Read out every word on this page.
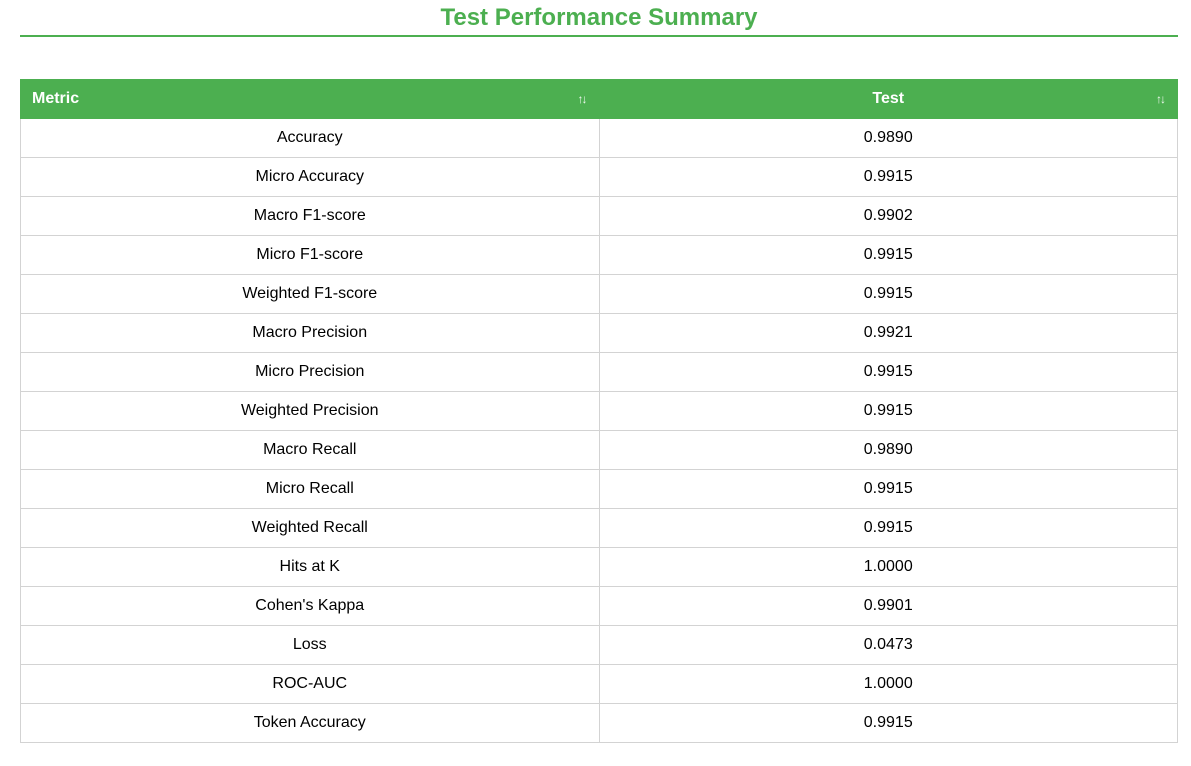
Test Performance Summary
Metric ↑↓	Test ↑↓

Accuracy	0.9890
Micro Accuracy	0.9915
Macro F1-score	0.9902
Micro F1-score	0.9915
Weighted F1-score	0.9915
Macro Precision	0.9921
Micro Precision	0.9915
Weighted Precision	0.9915
Macro Recall	0.9890
Micro Recall	0.9915
Weighted Recall	0.9915
Hits at K	1.0000
Cohen's Kappa	0.9901
Loss	0.0473
ROC-AUC	1.0000
Token Accuracy	0.9915
